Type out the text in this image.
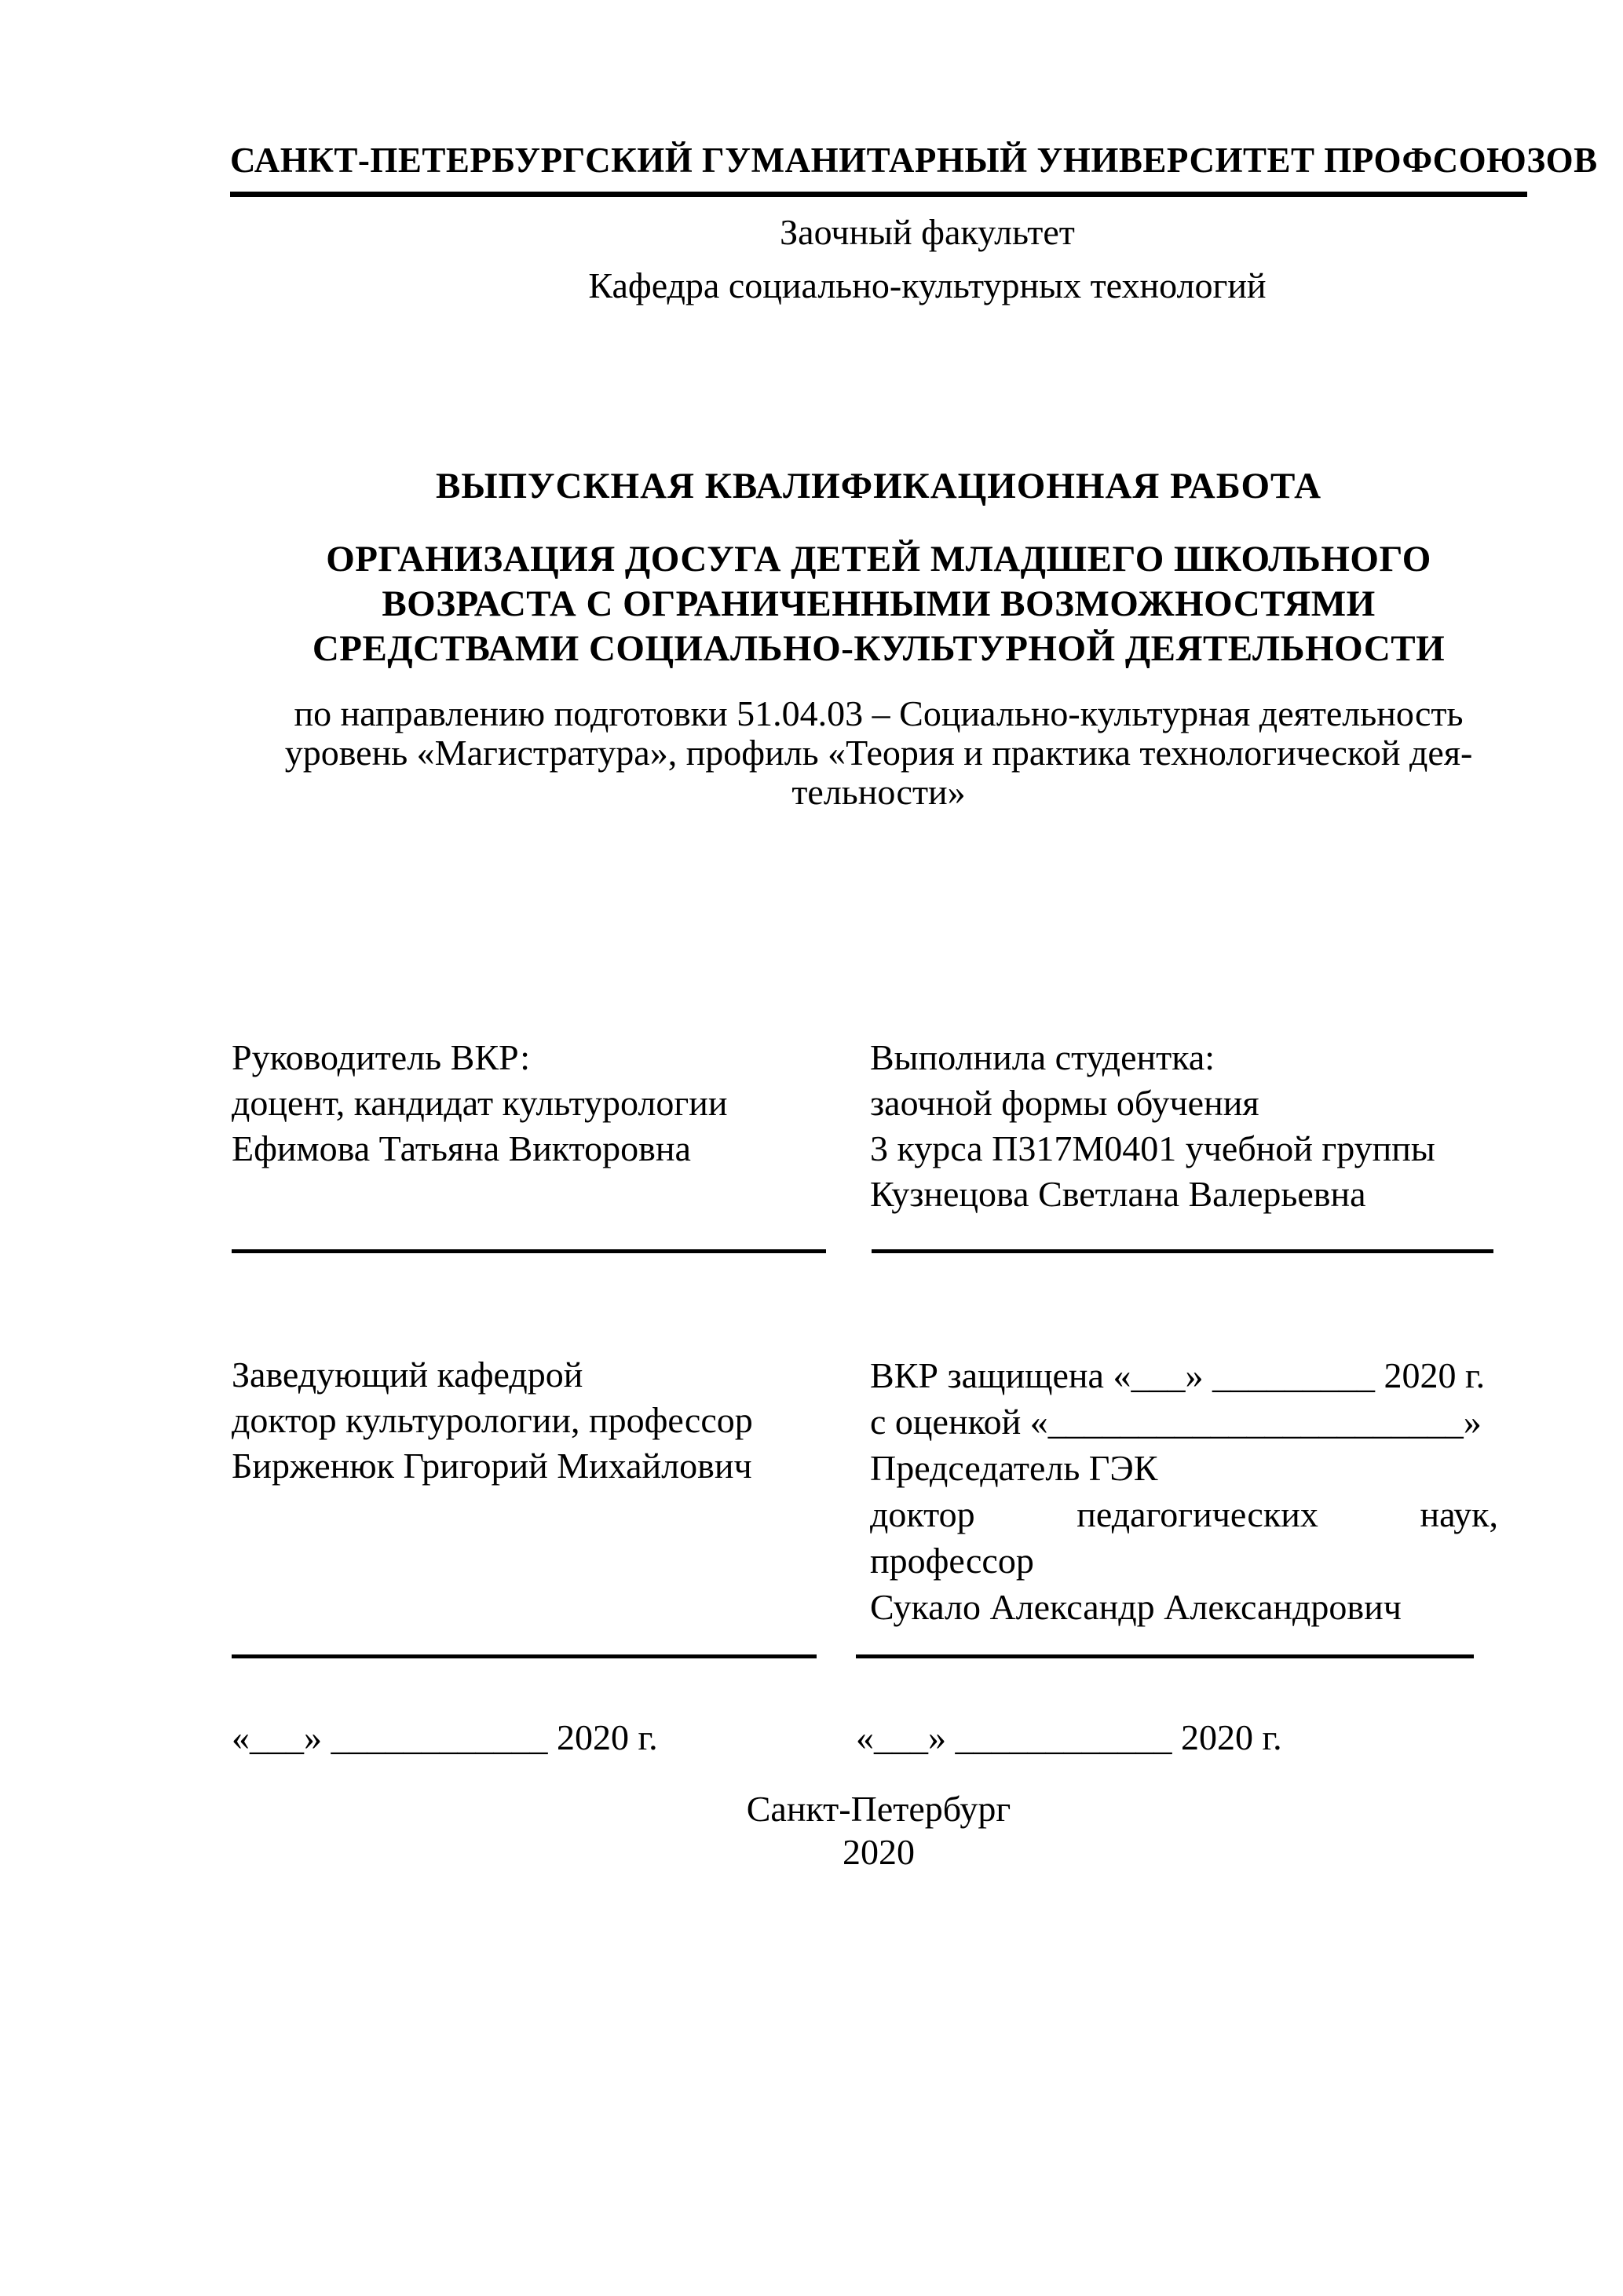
САНКТ-ПЕТЕРБУРГСКИЙ ГУМАНИТАРНЫЙ УНИВЕРСИТЕТ ПРОФСОЮЗОВ
Заочный факультет
Кафедра социально-культурных технологий
ВЫПУСКНАЯ КВАЛИФИКАЦИОННАЯ РАБОТА
ОРГАНИЗАЦИЯ ДОСУГА ДЕТЕЙ МЛАДШЕГО ШКОЛЬНОГО
ВОЗРАСТА С ОГРАНИЧЕННЫМИ ВОЗМОЖНОСТЯМИ
СРЕДСТВАМИ СОЦИАЛЬНО-КУЛЬТУРНОЙ ДЕЯТЕЛЬНОСТИ
по направлению подготовки 51.04.03 – Социально-культурная деятельность
уровень «Магистратура», профиль «Теория и практика технологической дея-
тельности»
Руководитель ВКР:
доцент, кандидат культурологии
Ефимова Татьяна Викторовна
Выполнила студентка:
заочной формы обучения
3 курса П317М0401 учебной группы
Кузнецова Светлана Валерьевна
Заведующий кафедрой
доктор культурологии, профессор
Бирженюк Григорий Михайлович
ВКР защищена «___» _________ 2020 г.
с оценкой «_______________________»
Председатель ГЭК
доктор	педагогических	наук,
профессор
Сукало Александр Александрович
«___» ____________ 2020 г.	«___» ____________ 2020 г.
Санкт-Петербург
2020
